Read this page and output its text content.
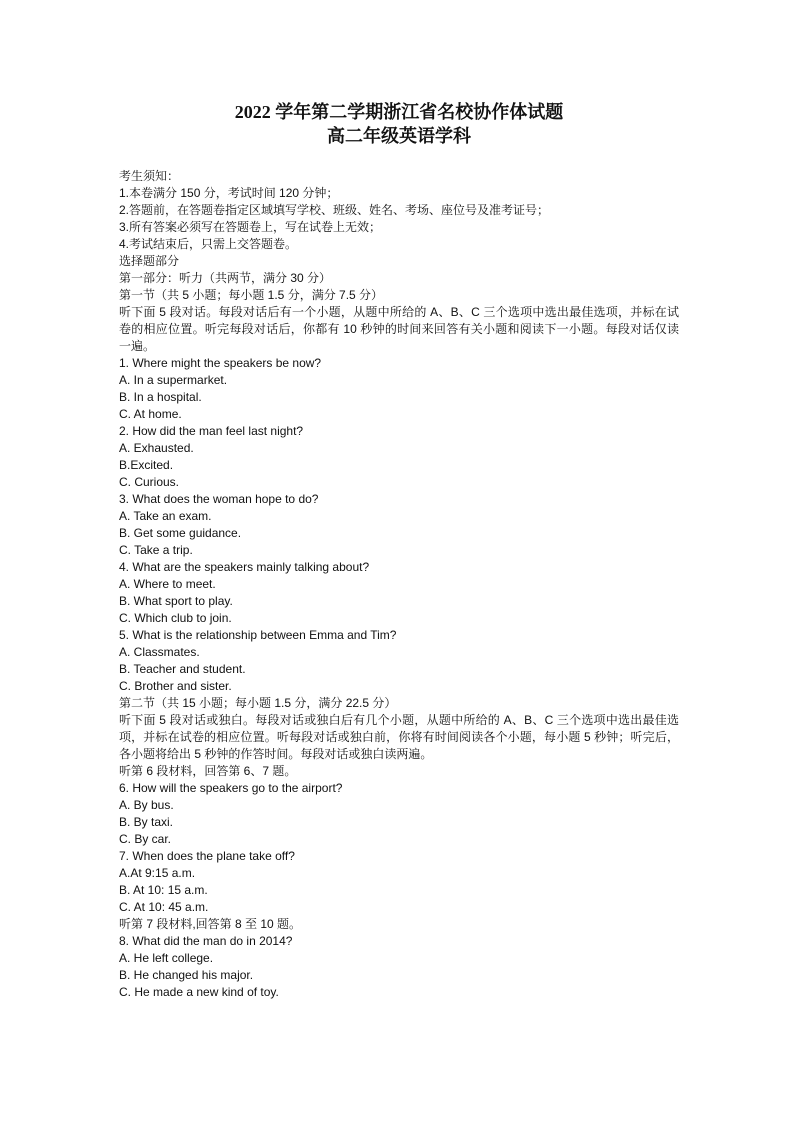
2022 学年第二学期浙江省名校协作体试题
高二年级英语学科

考生须知：

1.本卷满分 150 分，考试时间 120 分钟；

2.答题前，在答题卷指定区域填写学校、班级、姓名、考场、座位号及准考证号；

3.所有答案必须写在答题卷上，写在试卷上无效；

4.考试结束后，只需上交答题卷。

选择题部分

第一部分：听力（共两节，满分 30 分）

第一节（共 5 小题；每小题 1.5 分，满分 7.5 分）

听下面 5 段对话。每段对话后有一个小题，从题中所给的 A、B、C 三个选项中选出最佳选项，并标在试卷的相应位置。听完每段对话后，你都有 10 秒钟的时间来回答有关小题和阅读下一小题。每段对话仅读一遍。

1. Where might the speakers be now?

A. In a supermarket.

B. In a hospital.

C. At home.

2. How did the man feel last night?

A. Exhausted.

B.Excited.

C. Curious.

3. What does the woman hope to do?

A. Take an exam.

B. Get some guidance.

C. Take a trip.

4. What are the speakers mainly talking about?

A. Where to meet.

B. What sport to play.

C. Which club to join.

5. What is the relationship between Emma and Tim?

A. Classmates.

B. Teacher and student.

C. Brother and sister.

第二节（共 15 小题；每小题 1.5 分，满分 22.5 分）

听下面 5 段对话或独白。每段对话或独白后有几个小题，从题中所给的 A、B、C 三个选项中选出最佳选项，并标在试卷的相应位置。听每段对话或独白前，你将有时间阅读各个小题，每小题 5 秒钟；听完后，各小题将给出 5 秒钟的作答时间。每段对话或独白读两遍。

听第 6 段材料，回答第 6、7 题。

6. How will the speakers go to the airport?

A. By bus.

B. By taxi.

C. By car.

7. When does the plane take off?

A.At 9:15 a.m.

B. At 10: 15 a.m.

C. At 10: 45 a.m.

听第 7 段材料,回答第 8 至 10 题。

8. What did the man do in 2014?

A. He left college.

B. He changed his major.

C. He made a new kind of toy.
